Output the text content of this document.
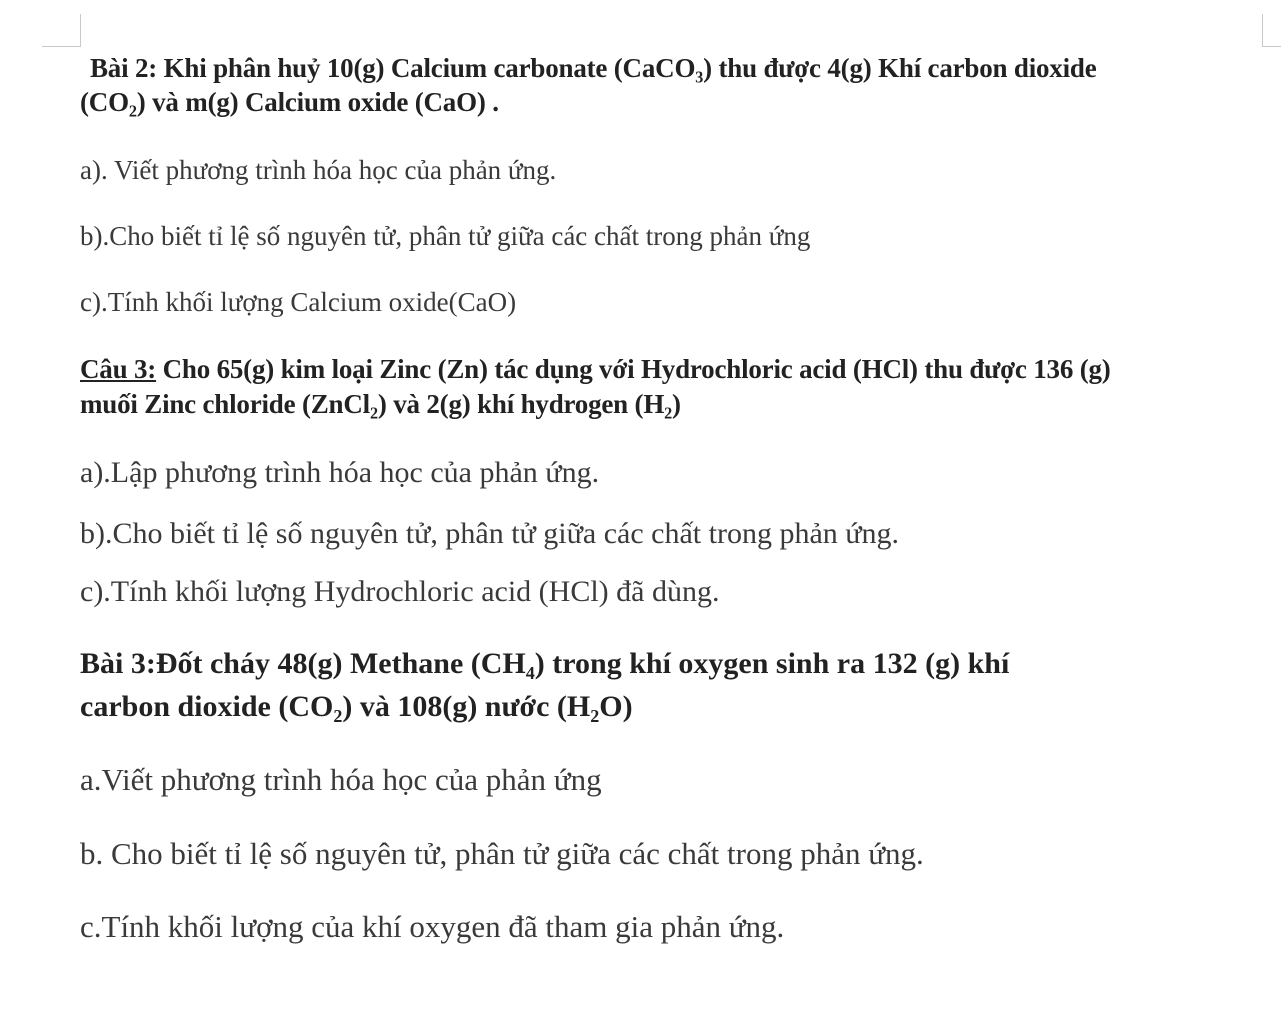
Bài 2: Khi phân huỷ 10(g) Calcium carbonate (CaCO₃) thu được 4(g) Khí carbon dioxide
(CO₂) và m(g) Calcium oxide (CaO) .
a). Viết phương trình hóa học của phản ứng.
b).Cho biết tỉ lệ số nguyên tử, phân tử giữa các chất trong phản ứng
c).Tính khối lượng Calcium oxide(CaO)
Câu 3: Cho 65(g) kim loại Zinc (Zn) tác dụng với Hydrochloric acid (HCl) thu được 136 (g)
muối Zinc chloride (ZnCl₂) và 2(g) khí hydrogen (H₂)
a).Lập phương trình hóa học của phản ứng.
b).Cho biết tỉ lệ số nguyên tử, phân tử giữa các chất trong phản ứng.
c).Tính khối lượng Hydrochloric acid (HCl) đã dùng.
Bài 3:Đốt cháy 48(g) Methane (CH₄) trong khí oxygen sinh ra 132 (g) khí
carbon dioxide (CO₂) và 108(g) nước (H₂O)
a.Viết phương trình hóa học của phản ứng
b. Cho biết tỉ lệ số nguyên tử, phân tử giữa các chất trong phản ứng.
c.Tính khối lượng của khí oxygen đã tham gia phản ứng.
